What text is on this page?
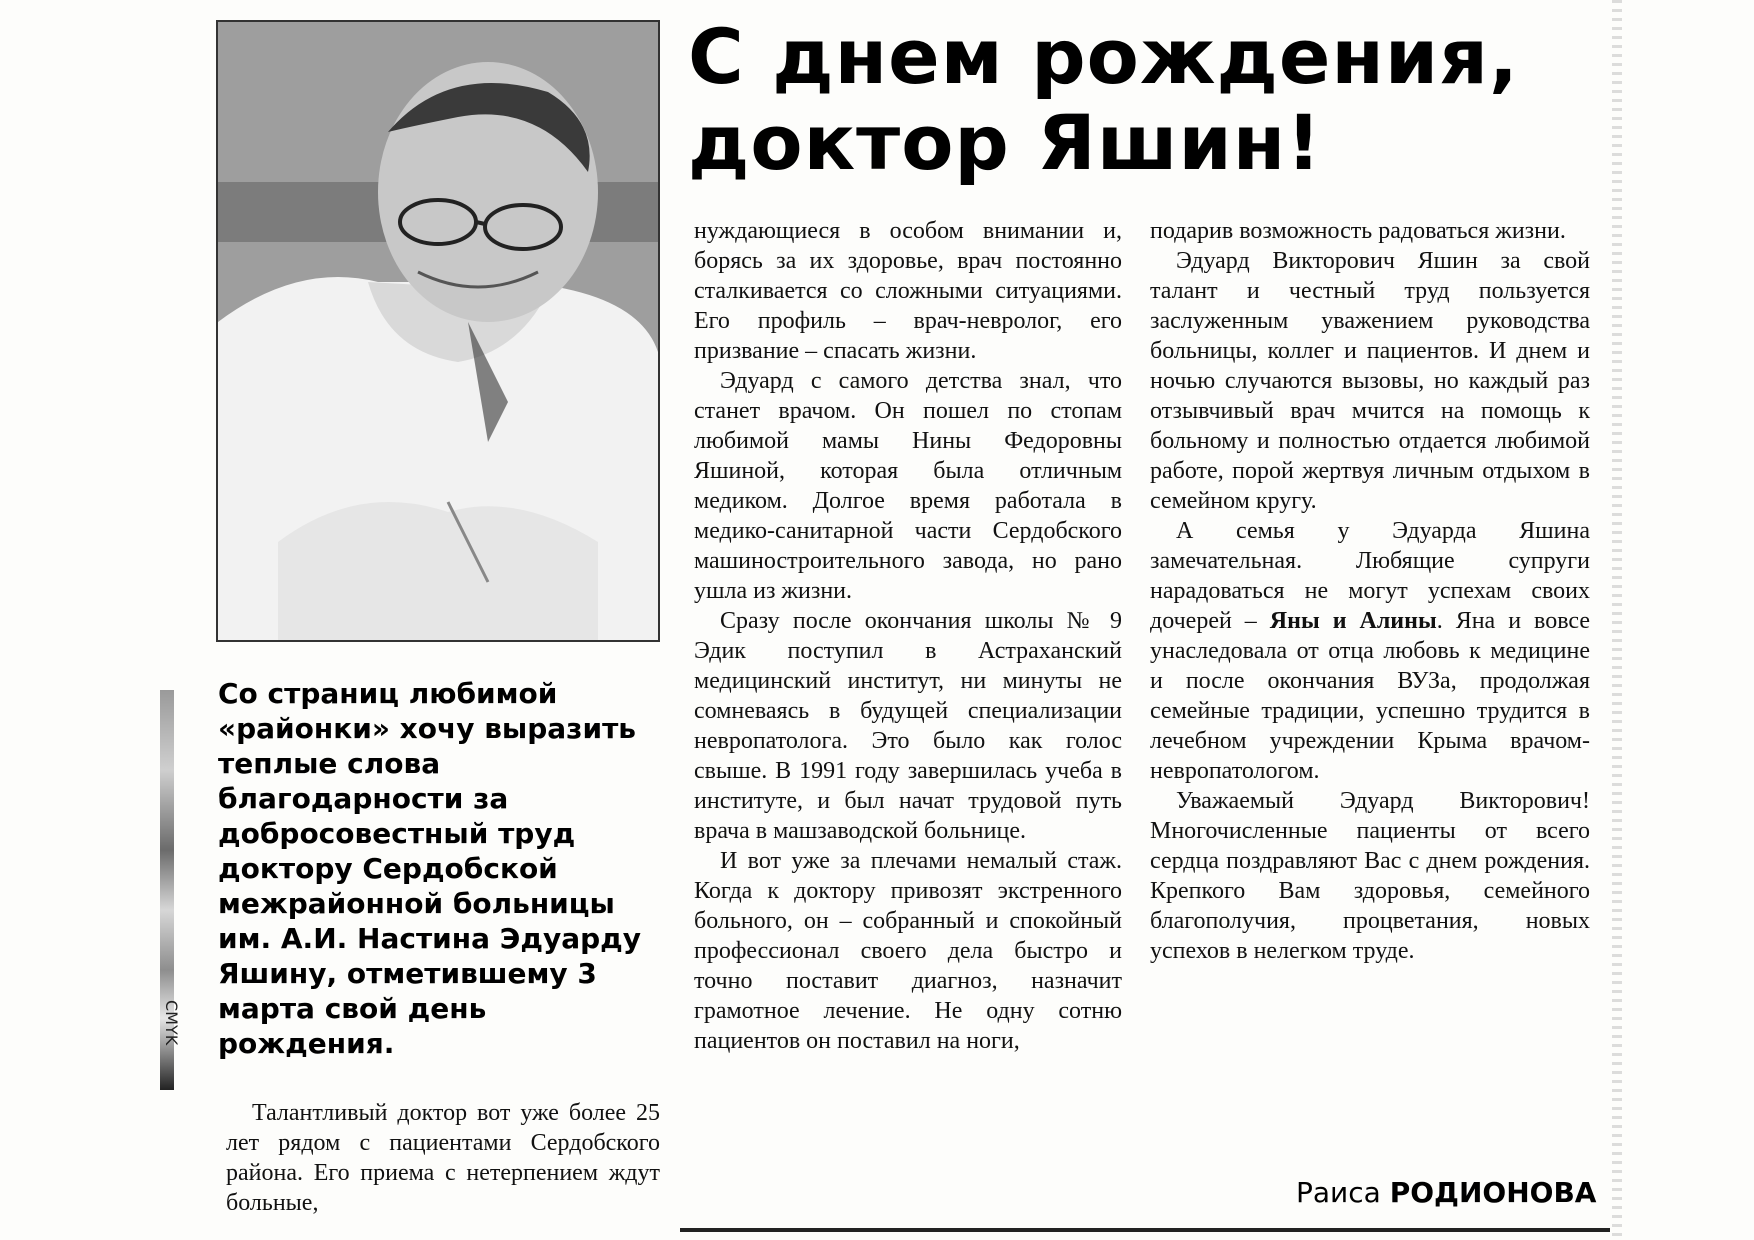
CMYK
С днем рождения,
доктор Яшин!
Со страниц любимой «районки» хочу выразить теплые слова благодарности за добросовестный труд доктору Сердобской межрайонной больницы им. А.И. Настина Эдуарду Яшину, отметившему 3 марта свой день рождения.

Талантливый доктор вот уже более 25 лет рядом с пациентами Сердобского района. Его приема с нетерпением ждут больные,

нуждающиеся в особом внимании и, борясь за их здоровье, врач постоянно сталкивается со сложными ситуациями. Его профиль – врач-невролог, его призвание – спасать жизни.

Эдуард с самого детства знал, что станет врачом. Он пошел по стопам любимой мамы Нины Федоровны Яшиной, которая была отличным медиком. Долгое время работала в медико-санитарной части Сердобского машиностроительного завода, но рано ушла из жизни.

Сразу после окончания школы № 9 Эдик поступил в Астраханский медицинский институт, ни минуты не сомневаясь в будущей специализации невропатолога. Это было как голос свыше. В 1991 году завершилась учеба в институте, и был начат трудовой путь врача в машзаводской больнице.

И вот уже за плечами немалый стаж. Когда к доктору привозят экстренного больного, он – собранный и спокойный профессионал своего дела быстро и точно поставит диагноз, назначит грамотное лечение. Не одну сотню пациентов он поставил на ноги,

подарив возможность радоваться жизни.

Эдуард Викторович Яшин за свой талант и честный труд пользуется заслуженным уважением руководства больницы, коллег и пациентов. И днем и ночью случаются вызовы, но каждый раз отзывчивый врач мчится на помощь к больному и полностью отдается любимой работе, порой жертвуя личным отдыхом в семейном кругу.

А семья у Эдуарда Яшина замечательная. Любящие супруги нарадоваться не могут успехам своих дочерей – Яны и Алины. Яна и вовсе унаследовала от отца любовь к медицине и после окончания ВУЗа, продолжая семейные традиции, успешно трудится в лечебном учреждении Крыма врачом-невропатологом.

Уважаемый Эдуард Викторович! Многочисленные пациенты от всего сердца поздравляют Вас с днем рождения. Крепкого Вам здоровья, семейного благополучия, процветания, новых успехов в нелегком труде.

Раиса РОДИОНОВА
